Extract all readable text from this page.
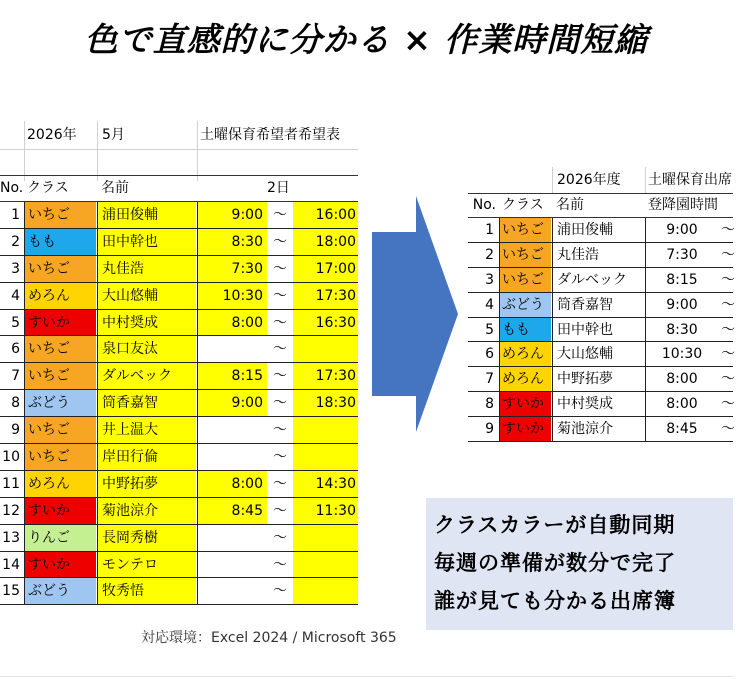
色で直感的に分かる × 作業時間短縮
2026年 5月	土曜保育希望者希望表
No. クラス 名前	2日
1 いちご	浦田俊輔	9:00 ～	16:00
2 もも	田中幹也	8:30 ～	18:00
3 いちご	丸佳浩	7:30 ～	17:00
4 めろん	大山悠輔	10:30 ～	17:30
5 すいか	中村奨成	8:00 ～	16:30
6 いちご	泉口友汰	～
7 いちご	ダルベック	8:15 ～	17:30
8 ぶどう	筒香嘉智	9:00 ～	18:30
9 いちご	井上温大	～
10 いちご	岸田行倫	～
11 めろん	中野拓夢	8:00 ～	14:30
12 すいか	菊池涼介	8:45 ～	11:30
13 りんご	長岡秀樹	～
14 すいか	モンテロ	～
15 ぶどう	牧秀悟	～
2026年度 土曜保育出席
No. クラス 名前	登降園時間
1 いちご 浦田俊輔	9:00	～
2 いちご 丸佳浩	7:30	～
3 いちご ダルベック	8:15	～
4 ぶどう 筒香嘉智	9:00	～
5 もも	田中幹也	8:30	～
6 めろん 大山悠輔	10:30	～
7 めろん 中野拓夢	8:00	～
8 すいか 中村奨成	8:00	～
9 すいか 菊池涼介	8:45	～
クラスカラーが自動同期
毎週の準備が数分で完了
誰が見ても分かる出席簿
対応環境：Excel 2024 / Microsoft 365
